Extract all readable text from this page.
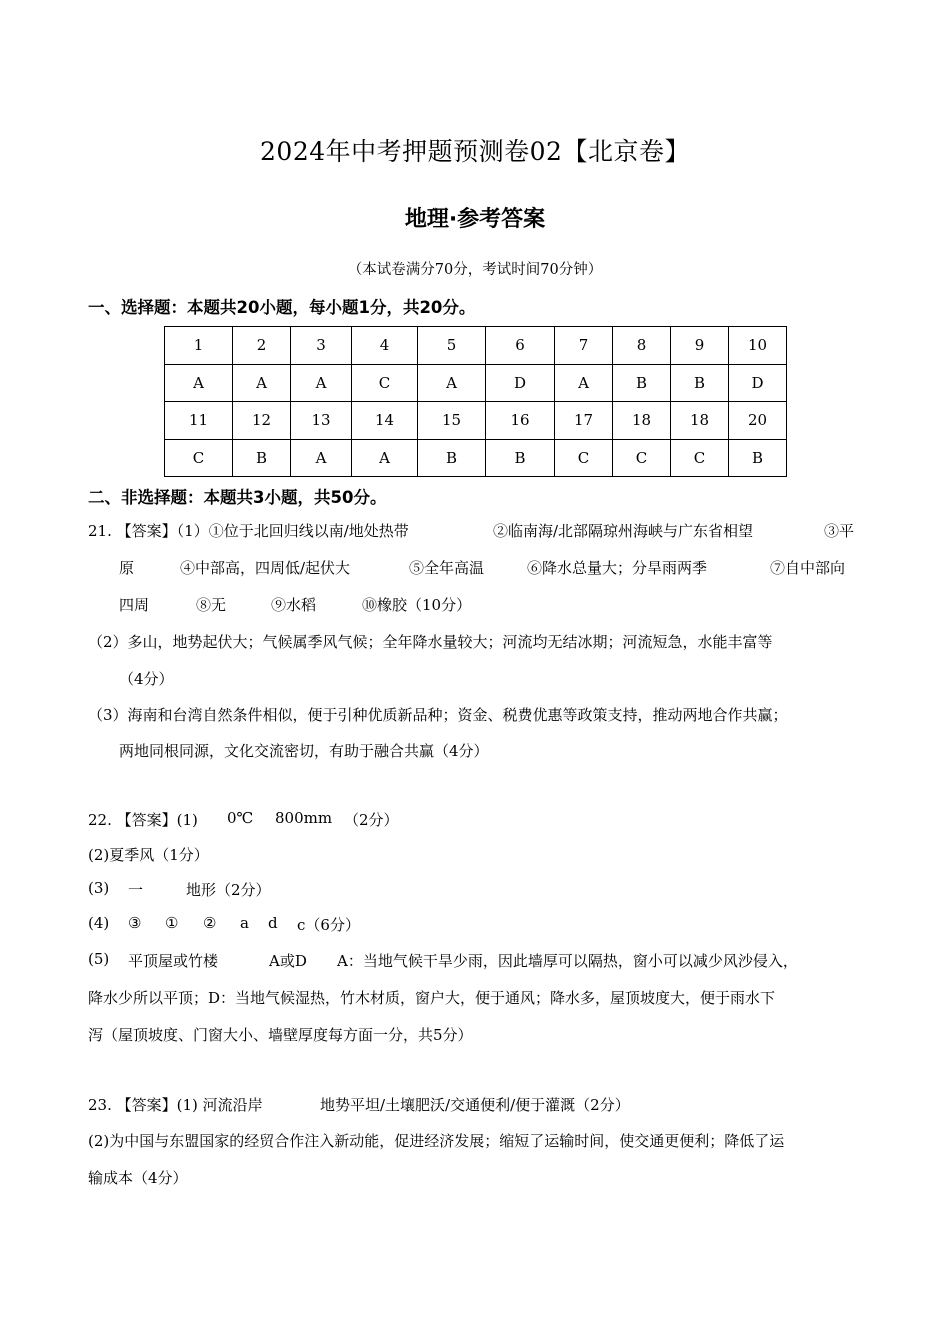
2024年中考押题预测卷02【北京卷】
地理·参考答案
（本试卷满分70分，考试时间70分钟）
一、选择题：本题共20小题，每小题1分，共20分。
1	2	3	4	5	6	7	8	9	10
A	A	A	C	A	D	A	B	B	D
11	12	13	14	15	16	17	18	18	20
C	B	A	A	B	B	C	C	C	B
二、非选择题：本题共3小题，共50分。
21. 【答案】（1）①位于北回归线以南/地处热带	②临南海/北部隔琼州海峡与广东省相望	③平
原	④中部高，四周低/起伏大	⑤全年高温	⑥降水总量大；分旱雨两季	⑦自中部向
四周	⑧无	⑨水稻	⑩橡胶（10分）
（2）多山，地势起伏大；气候属季风气候；全年降水量较大；河流均无结冰期；河流短急，水能丰富等
（4分）
（3）海南和台湾自然条件相似，便于引种优质新品种；资金、税费优惠等政策支持，推动两地合作共赢；
两地同根同源，文化交流密切，有助于融合共赢（4分）
22. 【答案】(1) 0℃ 800mm （2分）
(2)夏季风（1分）
(3) 一	地形（2分）
(4) ③ ① ② a d c（6分）
(5) 平顶屋或竹楼	A或D A：当地气候干旱少雨，因此墙厚可以隔热，窗小可以减少风沙侵入，
降水少所以平顶；D：当地气候湿热，竹木材质，窗户大，便于通风；降水多，屋顶坡度大，便于雨水下
泻（屋顶坡度、门窗大小、墙壁厚度每方面一分，共5分）
23. 【答案】(1) 河流沿岸	地势平坦/土壤肥沃/交通便利/便于灌溉（2分）
(2)为中国与东盟国家的经贸合作注入新动能，促进经济发展；缩短了运输时间，使交通更便利；降低了运
输成本（4分）
